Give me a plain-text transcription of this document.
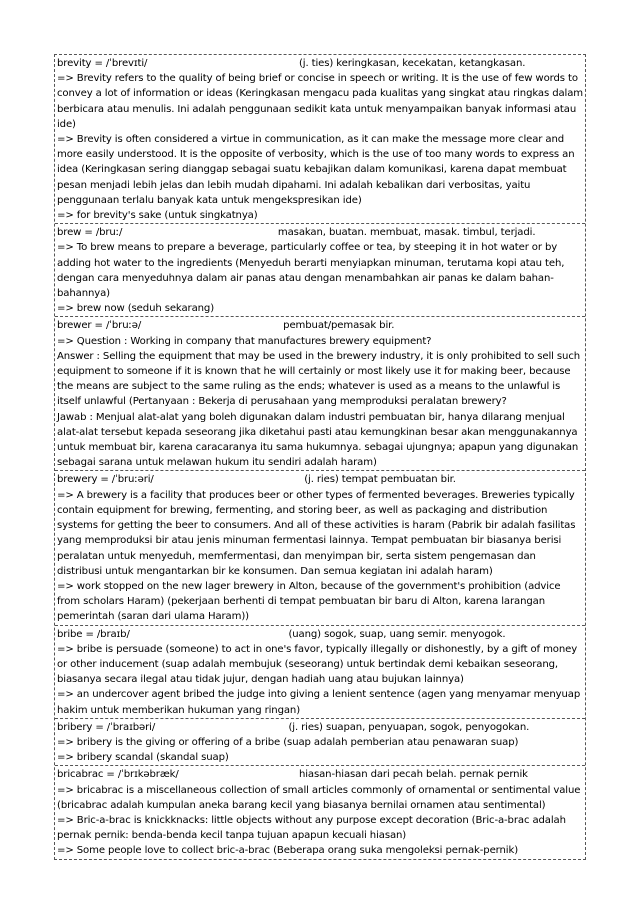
brevity = /ˈbrevɪti/	(j. ties) keringkasan, kecekatan, ketangkasan.
=> Brevity refers to the quality of being brief or concise in speech or writing. It is the use of few words to convey a lot of information or ideas (Keringkasan mengacu pada kualitas yang singkat atau ringkas dalam berbicara atau menulis. Ini adalah penggunaan sedikit kata untuk menyampaikan banyak informasi atau ide)
=> Brevity is often considered a virtue in communication, as it can make the message more clear and more easily understood. It is the opposite of verbosity, which is the use of too many words to express an idea (Keringkasan sering dianggap sebagai suatu kebajikan dalam komunikasi, karena dapat membuat pesan menjadi lebih jelas dan lebih mudah dipahami. Ini adalah kebalikan dari verbositas, yaitu penggunaan terlalu banyak kata untuk mengekspresikan ide)
=> for brevity's sake (untuk singkatnya)
brew = /bruː/	masakan, buatan. membuat, masak. timbul, terjadi.
=> To brew means to prepare a beverage, particularly coffee or tea, by steeping it in hot water or by adding hot water to the ingredients (Menyeduh berarti menyiapkan minuman, terutama kopi atau teh, dengan cara menyeduhnya dalam air panas atau dengan menambahkan air panas ke dalam bahan-bahannya)
=> brew now (seduh sekarang)
brewer = /ˈbruːə/	pembuat/pemasak bir.
=> Question : Working in company that manufactures brewery equipment?
Answer : Selling the equipment that may be used in the brewery industry, it is only prohibited to sell such equipment to someone if it is known that he will certainly or most likely use it for making beer, because the means are subject to the same ruling as the ends; whatever is used as a means to the unlawful is itself unlawful (Pertanyaan : Bekerja di perusahaan yang memproduksi peralatan brewery?
Jawab : Menjual alat-alat yang boleh digunakan dalam industri pembuatan bir, hanya dilarang menjual alat-alat tersebut kepada seseorang jika diketahui pasti atau kemungkinan besar akan menggunakannya untuk membuat bir, karena caracaranya itu sama hukumnya. sebagai ujungnya; apapun yang digunakan sebagai sarana untuk melawan hukum itu sendiri adalah haram)
brewery = /ˈbruːəri/	(j. ries) tempat pembuatan bir.
=> A brewery is a facility that produces beer or other types of fermented beverages. Breweries typically contain equipment for brewing, fermenting, and storing beer, as well as packaging and distribution systems for getting the beer to consumers. And all of these activities is haram (Pabrik bir adalah fasilitas yang memproduksi bir atau jenis minuman fermentasi lainnya. Tempat pembuatan bir biasanya berisi peralatan untuk menyeduh, memfermentasi, dan menyimpan bir, serta sistem pengemasan dan distribusi untuk mengantarkan bir ke konsumen. Dan semua kegiatan ini adalah haram)
=> work stopped on the new lager brewery in Alton, because of the government's prohibition (advice from scholars Haram) (pekerjaan berhenti di tempat pembuatan bir baru di Alton, karena larangan pemerintah (saran dari ulama Haram))
bribe = /braɪb/	(uang) sogok, suap, uang semir. menyogok.
=> bribe is persuade (someone) to act in one's favor, typically illegally or dishonestly, by a gift of money or other inducement (suap adalah membujuk (seseorang) untuk bertindak demi kebaikan seseorang, biasanya secara ilegal atau tidak jujur, dengan hadiah uang atau bujukan lainnya)
=> an undercover agent bribed the judge into giving a lenient sentence (agen yang menyamar menyuap hakim untuk memberikan hukuman yang ringan)
bribery = /ˈbraɪbəri/	(j. ries) suapan, penyuapan, sogok, penyogokan.
=> bribery is the giving or offering of a bribe (suap adalah pemberian atau penawaran suap)
=> bribery scandal (skandal suap)
bricabrac = /ˈbrɪkəbræk/	hiasan-hiasan dari pecah belah. pernak pernik
=> bricabrac is a miscellaneous collection of small articles commonly of ornamental or sentimental value (bricabrac adalah kumpulan aneka barang kecil yang biasanya bernilai ornamen atau sentimental)
=> Bric-a-brac is knickknacks: little objects without any purpose except decoration (Bric-a-brac adalah pernak pernik: benda-benda kecil tanpa tujuan apapun kecuali hiasan)
=> Some people love to collect bric-a-brac (Beberapa orang suka mengoleksi pernak-pernik)
